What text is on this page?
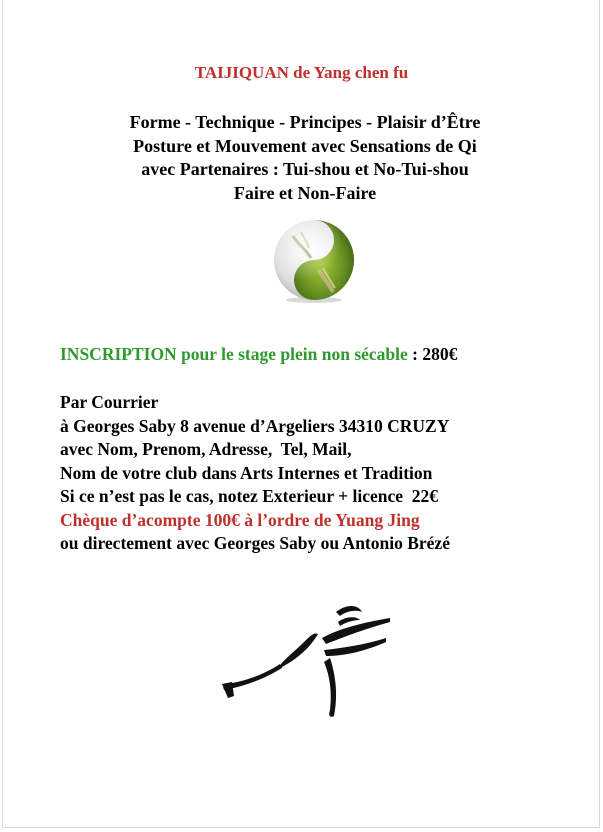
TAIJIQUAN de Yang chen fu
Forme - Technique - Principes - Plaisir d’Être
Posture et Mouvement avec Sensations de Qi
avec Partenaires : Tui-shou et No-Tui-shou
Faire et Non-Faire
INSCRIPTION pour le stage plein non sécable : 280€
Par Courrier
à Georges Saby 8 avenue d’Argeliers 34310 CRUZY
avec Nom, Prenom, Adresse,  Tel, Mail,
Nom de votre club dans Arts Internes et Tradition
Si ce n’est pas le cas, notez Exterieur + licence  22€
Chèque d’acompte 100€ à l’ordre de Yuang Jing
ou directement avec Georges Saby ou Antonio Brézé
